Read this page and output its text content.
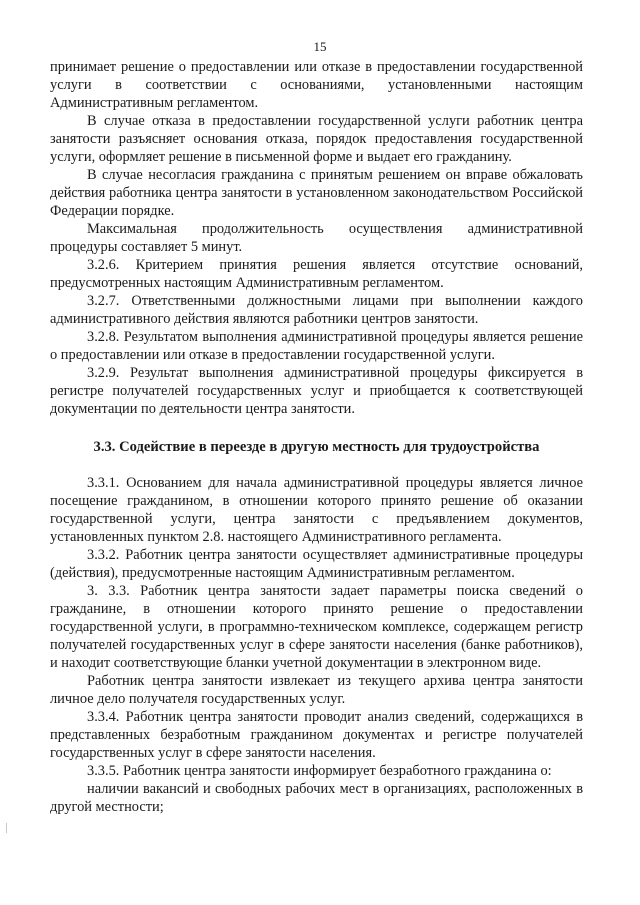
15

принимает решение о предоставлении или отказе в предоставлении государственной услуги в соответствии с основаниями, установленными настоящим Административным регламентом.

В случае отказа в предоставлении государственной услуги работник центра занятости разъясняет основания отказа, порядок предоставления государственной услуги, оформляет решение в письменной форме и выдает его гражданину.

В случае несогласия гражданина с принятым решением он вправе обжаловать действия работника центра занятости в установленном законодательством Российской Федерации порядке.

Максимальная продолжительность осуществления административной процедуры составляет 5 минут.

3.2.6. Критерием принятия решения является отсутствие оснований, предусмотренных настоящим Административным регламентом.

3.2.7. Ответственными должностными лицами при выполнении каждого административного действия являются работники центров занятости.

3.2.8. Результатом выполнения административной процедуры является решение о предоставлении или отказе в предоставлении государственной услуги.

3.2.9. Результат выполнения административной процедуры фиксируется в регистре получателей государственных услуг и приобщается к соответствующей документации по деятельности центра занятости.

3.3. Содействие в переезде в другую местность для трудоустройства

3.3.1. Основанием для начала административной процедуры является личное посещение гражданином, в отношении которого принято решение об оказании государственной услуги, центра занятости с предъявлением документов, установленных пунктом 2.8. настоящего Административного регламента.

3.3.2. Работник центра занятости осуществляет административные процедуры (действия), предусмотренные настоящим Административным регламентом.

3. 3.3. Работник центра занятости задает параметры поиска сведений о гражданине, в отношении которого принято решение о предоставлении государственной услуги, в программно-техническом комплексе, содержащем регистр получателей государственных услуг в сфере занятости населения (банке работников), и находит соответствующие бланки учетной документации в электронном виде.

Работник центра занятости извлекает из текущего архива центра занятости личное дело получателя государственных услуг.

3.3.4. Работник центра занятости проводит анализ сведений, содержащихся в представленных безработным гражданином документах и регистре получателей государственных услуг в сфере занятости населения.

3.3.5. Работник центра занятости информирует безработного гражданина о:

наличии вакансий и свободных рабочих мест в организациях, расположенных в другой местности;
